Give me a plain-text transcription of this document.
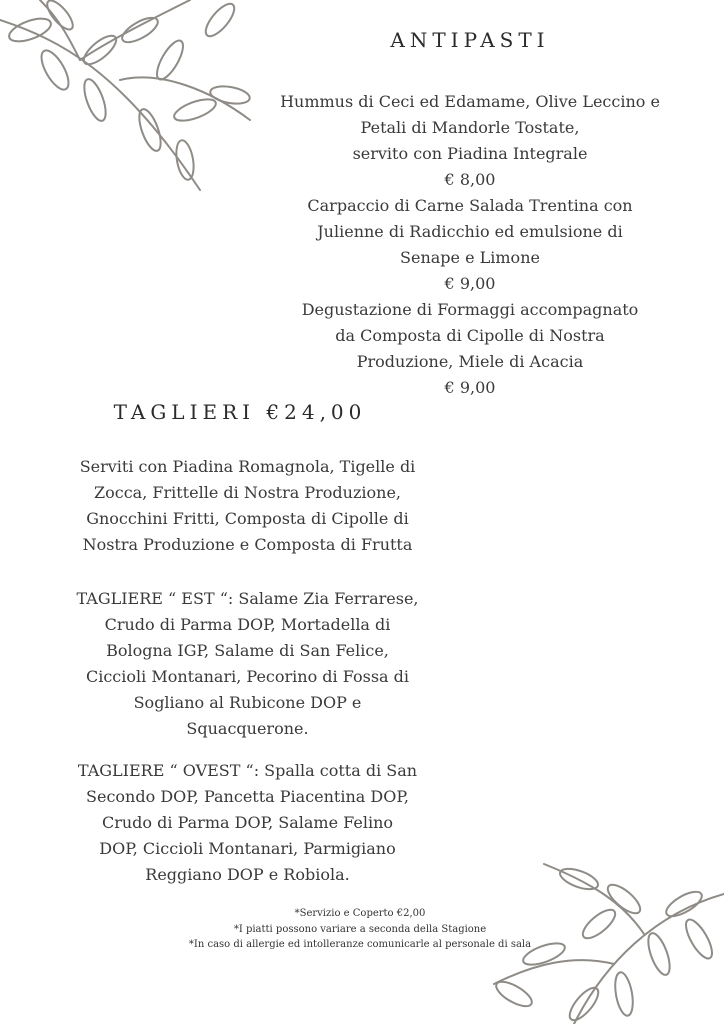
ANTIPASTI

Hummus di Ceci ed Edamame, Olive Leccino e
Petali di Mandorle Tostate,
servito con Piadina Integrale

€ 8,00

Carpaccio di Carne Salada Trentina con
Julienne di Radicchio ed emulsione di
Senape e Limone

€ 9,00

Degustazione di Formaggi accompagnato
da Composta di Cipolle di Nostra
Produzione, Miele di Acacia

€ 9,00

TAGLIERI €24,00
Serviti con Piadina Romagnola, Tigelle di
Zocca, Frittelle di Nostra Produzione,
Gnocchini Fritti, Composta di Cipolle di
Nostra Produzione e Composta di Frutta
TAGLIERE “ EST “: Salame Zia Ferrarese,
Crudo di Parma DOP, Mortadella di
Bologna IGP, Salame di San Felice,
Ciccioli Montanari, Pecorino di Fossa di
Sogliano al Rubicone DOP e
Squacquerone.
TAGLIERE “ OVEST “: Spalla cotta di San
Secondo DOP, Pancetta Piacentina DOP,
Crudo di Parma DOP, Salame Felino
DOP, Ciccioli Montanari, Parmigiano
Reggiano DOP e Robiola.
*Servizio e Coperto €2,00
*I piatti possono variare a seconda della Stagione
*In caso di allergie ed intolleranze comunicarle al personale di sala
